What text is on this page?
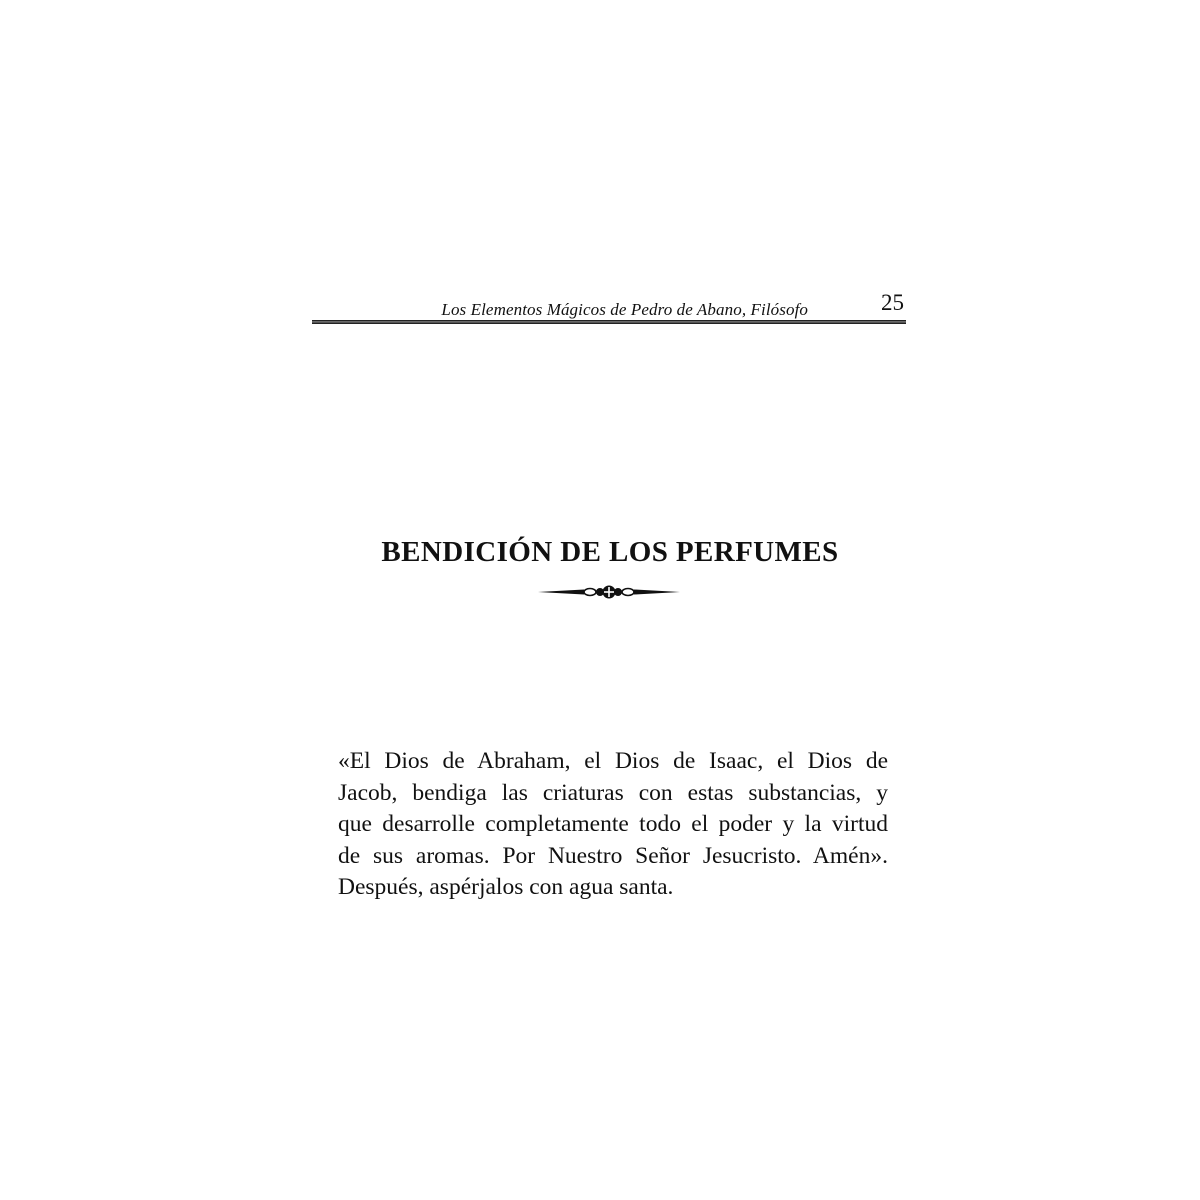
Los Elementos Mágicos de Pedro de Abano, Filósofo	25
BENDICIÓN DE LOS PERFUMES

«El Dios de Abraham, el Dios de Isaac, el Dios de
Jacob, bendiga las criaturas con estas substancias, y
que desarrolle completamente todo el poder y la virtud
de sus aromas. Por Nuestro Señor Jesucristo. Amén».
Después, aspérjalos con agua santa.
